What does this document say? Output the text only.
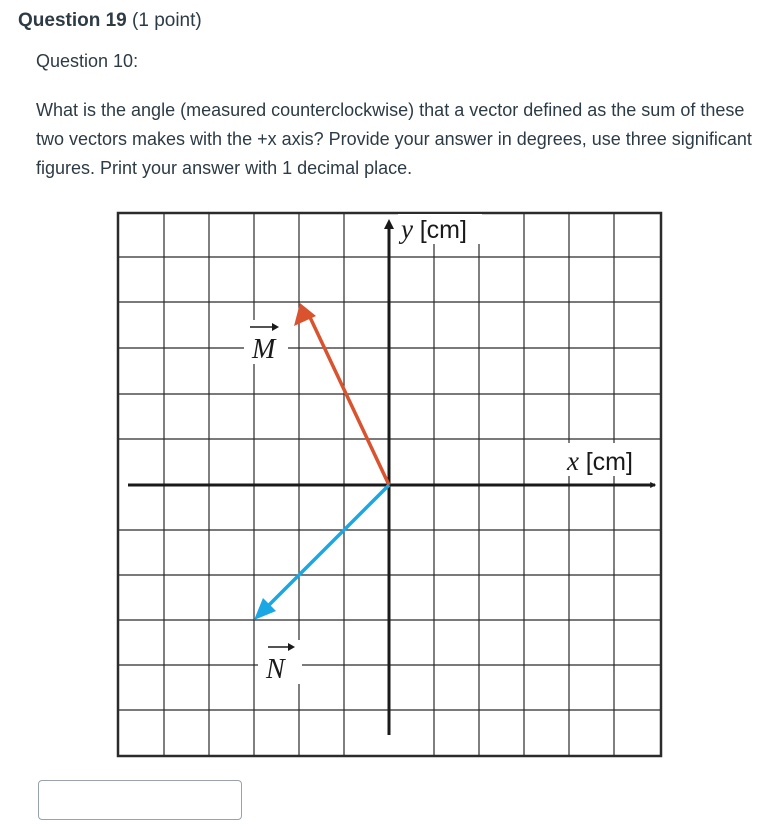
Question 19 (1 point)
Question 10:
What is the angle (measured counterclockwise) that a vector defined as the sum of these two vectors makes with the +x axis? Provide your answer in degrees, use three significant figures. Print your answer with 1 decimal place.
y [cm]
x [cm]
M
N
